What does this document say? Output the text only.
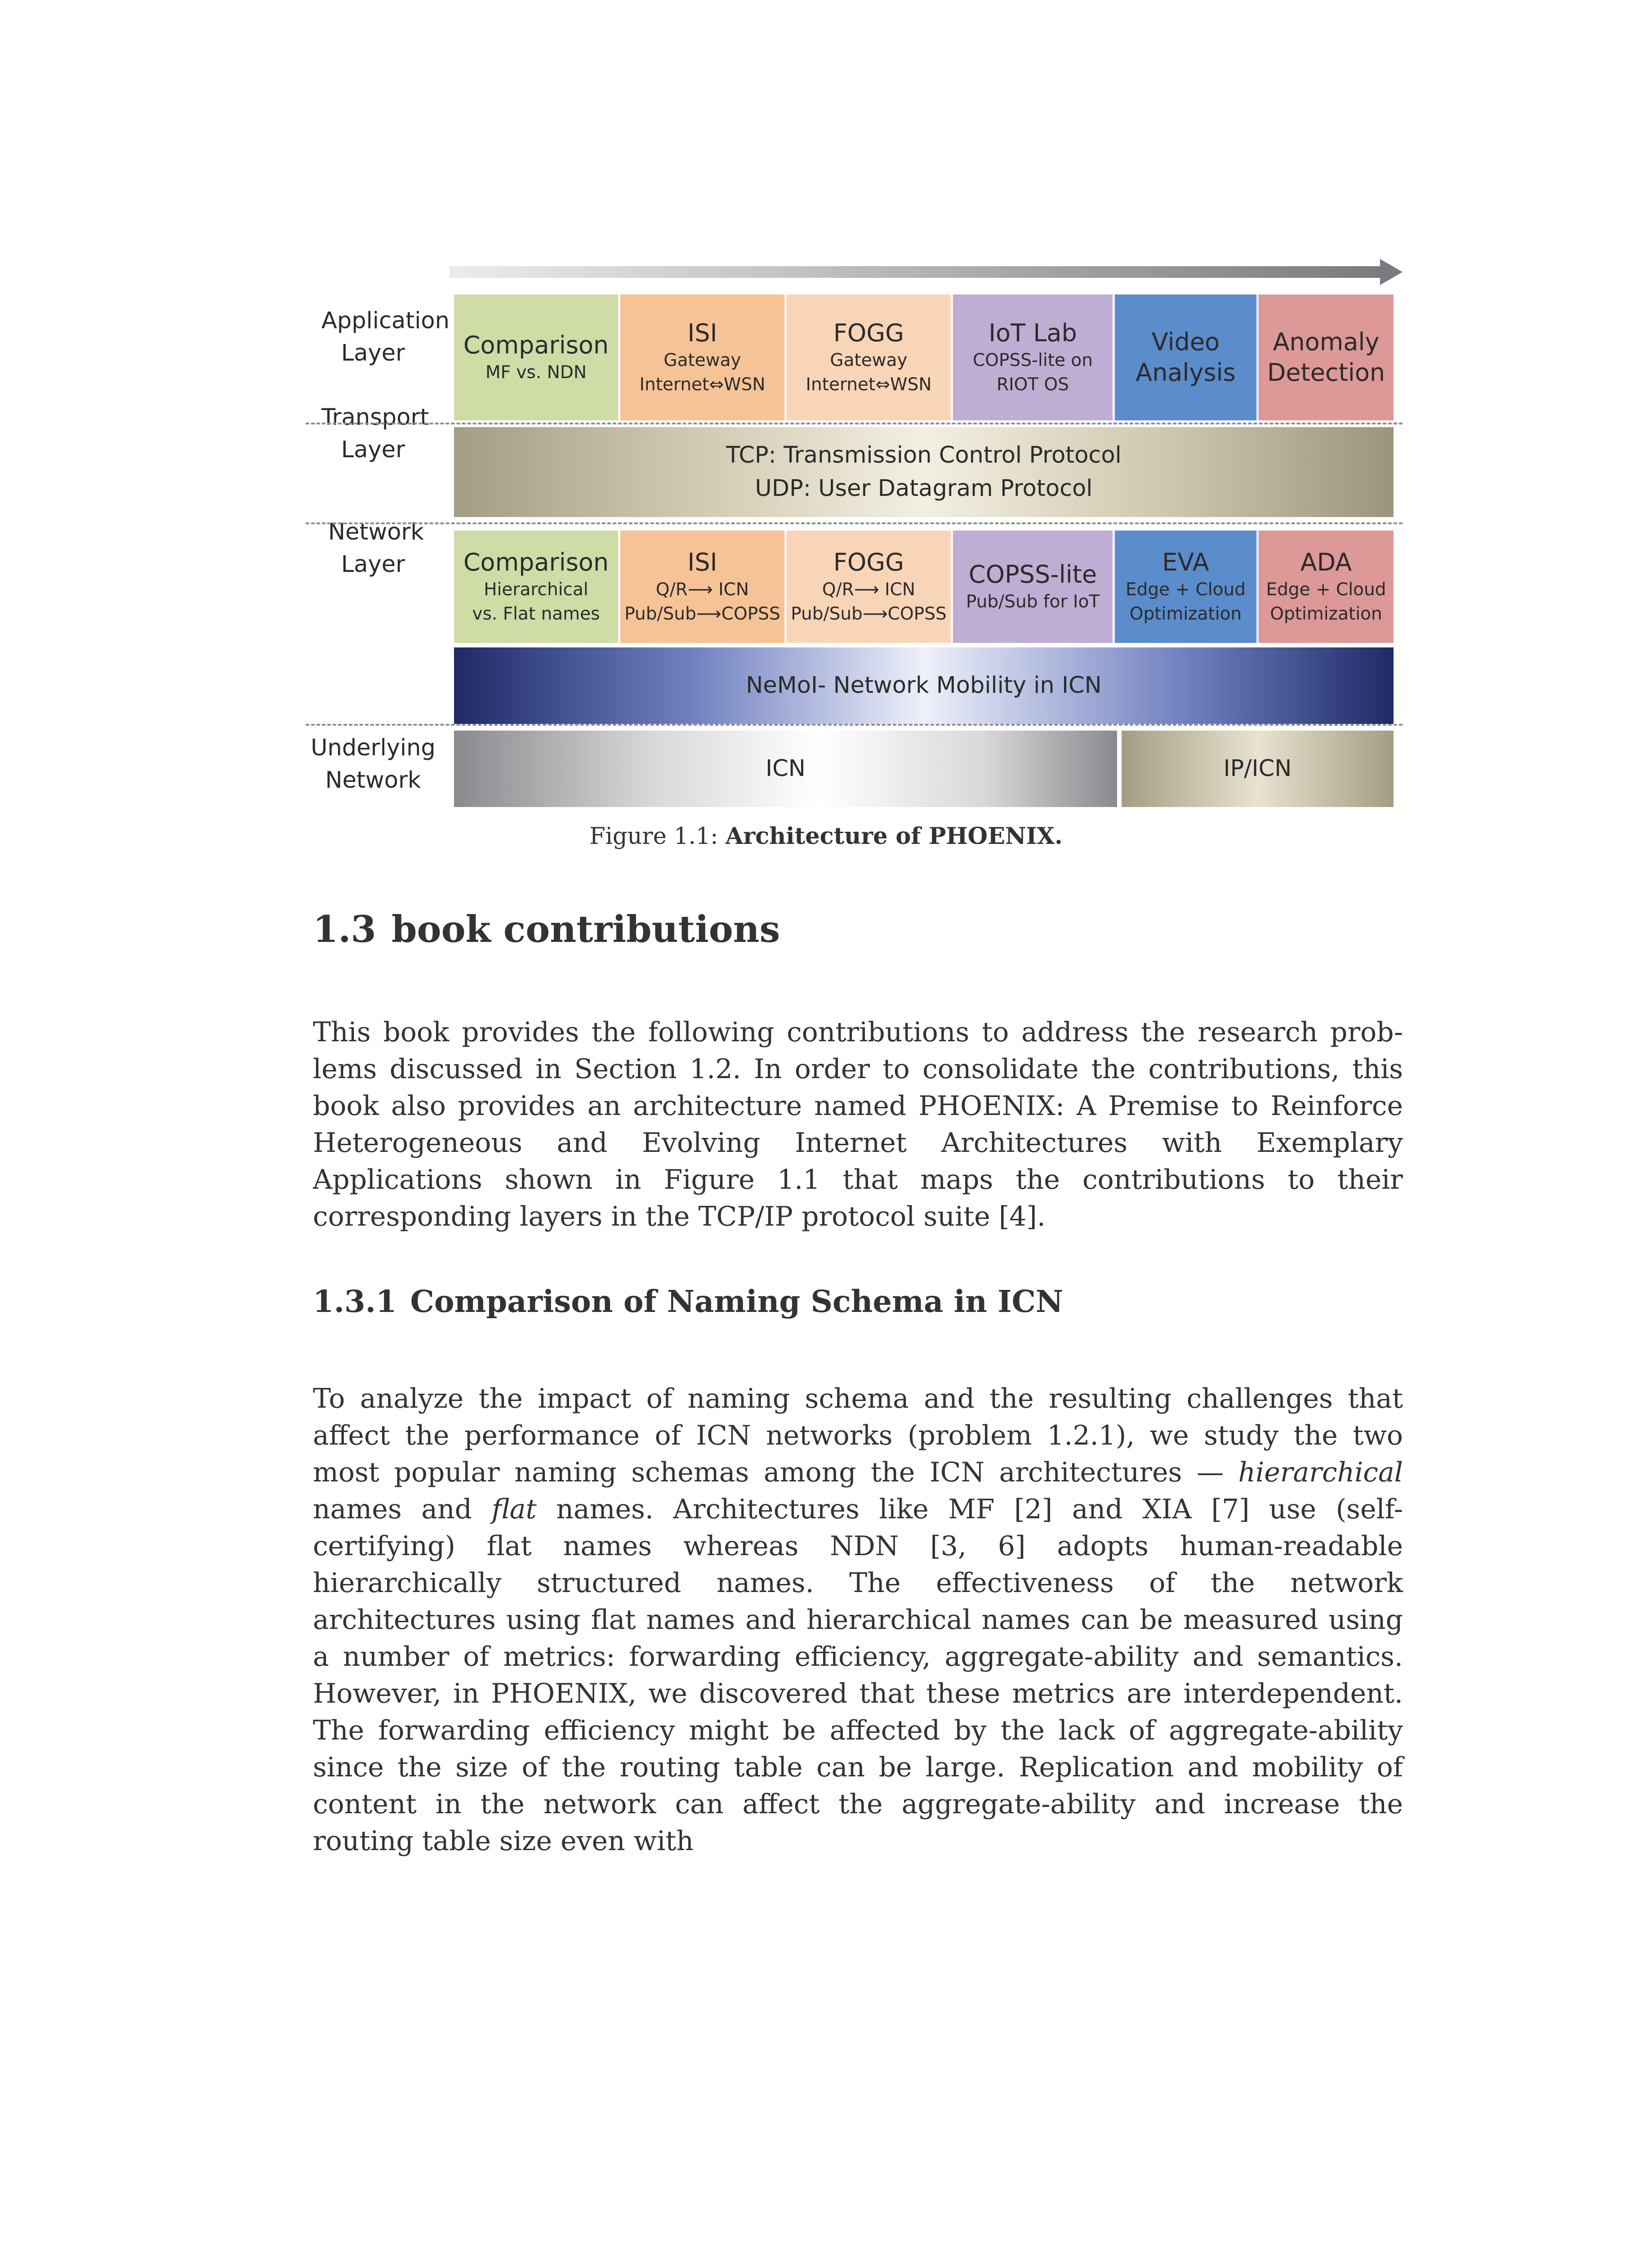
Application Layer
Transport Layer
Network Layer
Underlying Network
Comparison
MF vs. NDN
ISI
Gateway
Internet⇔WSN
FOGG
Gateway
Internet⇔WSN
IoT Lab
COPSS-lite on
RIOT OS
Video
Analysis
Anomaly
Detection
TCP: Transmission Control Protocol
UDP: User Datagram Protocol
Comparison
Hierarchical
vs. Flat names
ISI
Q/R⟶ ICN
Pub/Sub⟶COPSS
FOGG
Q/R⟶ ICN
Pub/Sub⟶COPSS
COPSS-lite
Pub/Sub for IoT
EVA
Edge + Cloud
Optimization
ADA
Edge + Cloud
Optimization
NeMoI- Network Mobility in ICN
ICN	IP/ICN
Figure 1.1: Architecture of PHOENIX.
1.3 book contributions

This book provides the following contributions to address the research prob-lems discussed in Section 1.2. In order to consolidate the contributions, this book also provides an architecture named PHOENIX: A Premise to Reinforce Heterogeneous and Evolving Internet Architectures with Exemplary Applications shown in Figure 1.1 that maps the contributions to their corresponding layers in the TCP/IP protocol suite [4].

1.3.1 Comparison of Naming Schema in ICN

To analyze the impact of naming schema and the resulting challenges that affect the performance of ICN networks (problem 1.2.1), we study the two most popular naming schemas among the ICN architectures — hierarchical names and flat names. Architectures like MF [2] and XIA [7] use (self-certifying) flat names whereas NDN [3, 6] adopts human-readable hierarchically structured names. The effectiveness of the network architectures using flat names and hierarchical names can be measured using a number of metrics: forwarding efficiency, aggregate-ability and semantics. However, in PHOENIX, we discovered that these metrics are interdependent. The forwarding efficiency might be affected by the lack of aggregate-ability since the size of the routing table can be large. Replication and mobility of content in the network can affect the aggregate-ability and increase the routing table size even with
